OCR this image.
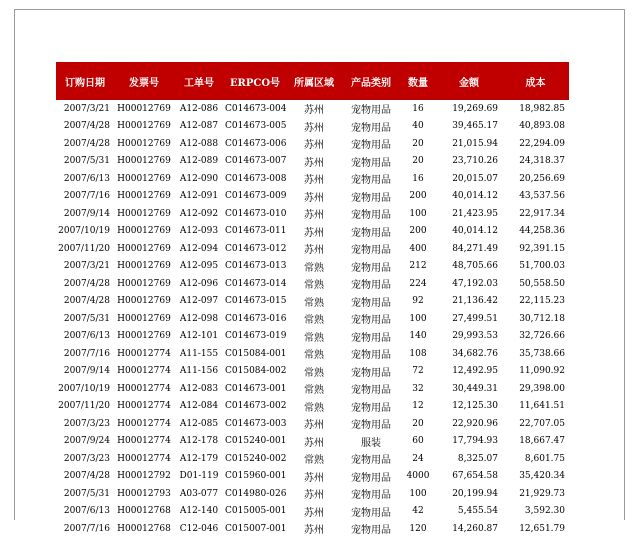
订购日期	发票号	工单号	ERPCO号	所属区域	产品类别	数量	金额	成本
2007/3/21	H00012769	A12-086	C014673-004	苏州	宠物用品	16	19,269.69	18,982.85
2007/4/28	H00012769	A12-087	C014673-005	苏州	宠物用品	40	39,465.17	40,893.08
2007/4/28	H00012769	A12-088	C014673-006	苏州	宠物用品	20	21,015.94	22,294.09
2007/5/31	H00012769	A12-089	C014673-007	苏州	宠物用品	20	23,710.26	24,318.37
2007/6/13	H00012769	A12-090	C014673-008	苏州	宠物用品	16	20,015.07	20,256.69
2007/7/16	H00012769	A12-091	C014673-009	苏州	宠物用品	200	40,014.12	43,537.56
2007/9/14	H00012769	A12-092	C014673-010	苏州	宠物用品	100	21,423.95	22,917.34
2007/10/19	H00012769	A12-093	C014673-011	苏州	宠物用品	200	40,014.12	44,258.36
2007/11/20	H00012769	A12-094	C014673-012	苏州	宠物用品	400	84,271.49	92,391.15
2007/3/21	H00012769	A12-095	C014673-013	常熟	宠物用品	212	48,705.66	51,700.03
2007/4/28	H00012769	A12-096	C014673-014	常熟	宠物用品	224	47,192.03	50,558.50
2007/4/28	H00012769	A12-097	C014673-015	常熟	宠物用品	92	21,136.42	22,115.23
2007/5/31	H00012769	A12-098	C014673-016	常熟	宠物用品	100	27,499.51	30,712.18
2007/6/13	H00012769	A12-101	C014673-019	常熟	宠物用品	140	29,993.53	32,726.66
2007/7/16	H00012774	A11-155	C015084-001	常熟	宠物用品	108	34,682.76	35,738.66
2007/9/14	H00012774	A11-156	C015084-002	常熟	宠物用品	72	12,492.95	11,090.92
2007/10/19	H00012774	A12-083	C014673-001	常熟	宠物用品	32	30,449.31	29,398.00
2007/11/20	H00012774	A12-084	C014673-002	常熟	宠物用品	12	12,125.30	11,641.51
2007/3/23	H00012774	A12-085	C014673-003	苏州	宠物用品	20	22,920.96	22,707.05
2007/9/24	H00012774	A12-178	C015240-001	苏州	服装	60	17,794.93	18,667.47
2007/3/23	H00012774	A12-179	C015240-002	常熟	宠物用品	24	8,325.07	8,601.75
2007/4/28	H00012792	D01-119	C015960-001	苏州	宠物用品	4000	67,654.58	35,420.34
2007/5/31	H00012793	A03-077	C014980-026	苏州	宠物用品	100	20,199.94	21,929.73
2007/6/13	H00012768	A12-140	C015005-001	苏州	宠物用品	42	5,455.54	3,592.30
2007/7/16	H00012768	C12-046	C015007-001	苏州	宠物用品	120	14,260.87	12,651.79
